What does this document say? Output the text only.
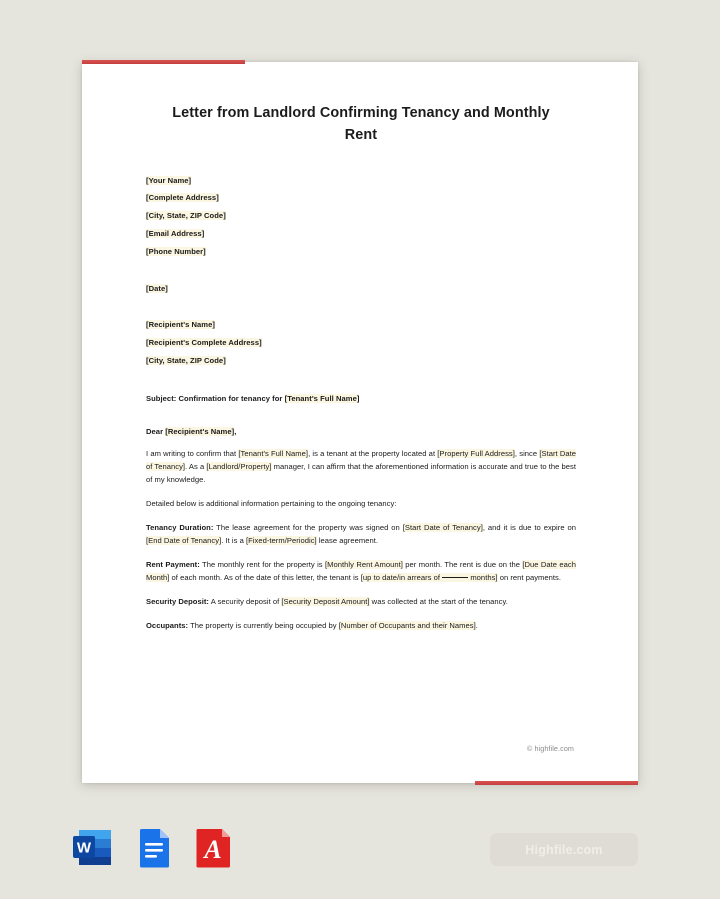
Letter from Landlord Confirming Tenancy and Monthly Rent
[Your Name]
[Complete Address]
[City, State, ZIP Code]
[Email Address]
[Phone Number]
[Date]
[Recipient's Name]
[Recipient's Complete Address]
[City, State, ZIP Code]
Subject: Confirmation for tenancy for [Tenant's Full Name]
Dear [Recipient's Name],

I am writing to confirm that [Tenant's Full Name], is a tenant at the property located at [Property Full Address], since [Start Date of Tenancy]. As a [Landlord/Property] manager, I can affirm that the aforementioned information is accurate and true to the best of my knowledge.

Detailed below is additional information pertaining to the ongoing tenancy:

Tenancy Duration: The lease agreement for the property was signed on [Start Date of Tenancy], and it is due to expire on [End Date of Tenancy]. It is a [Fixed-term/Periodic] lease agreement.

Rent Payment: The monthly rent for the property is [Monthly Rent Amount] per month. The rent is due on the [Due Date each Month] of each month. As of the date of this letter, the tenant is [up to date/in arrears of	months] on rent payments.

Security Deposit: A security deposit of [Security Deposit Amount] was collected at the start of the tenancy.

Occupants: The property is currently being occupied by [Number of Occupants and their Names].

© highfile.com
W	A	Highfile.com
